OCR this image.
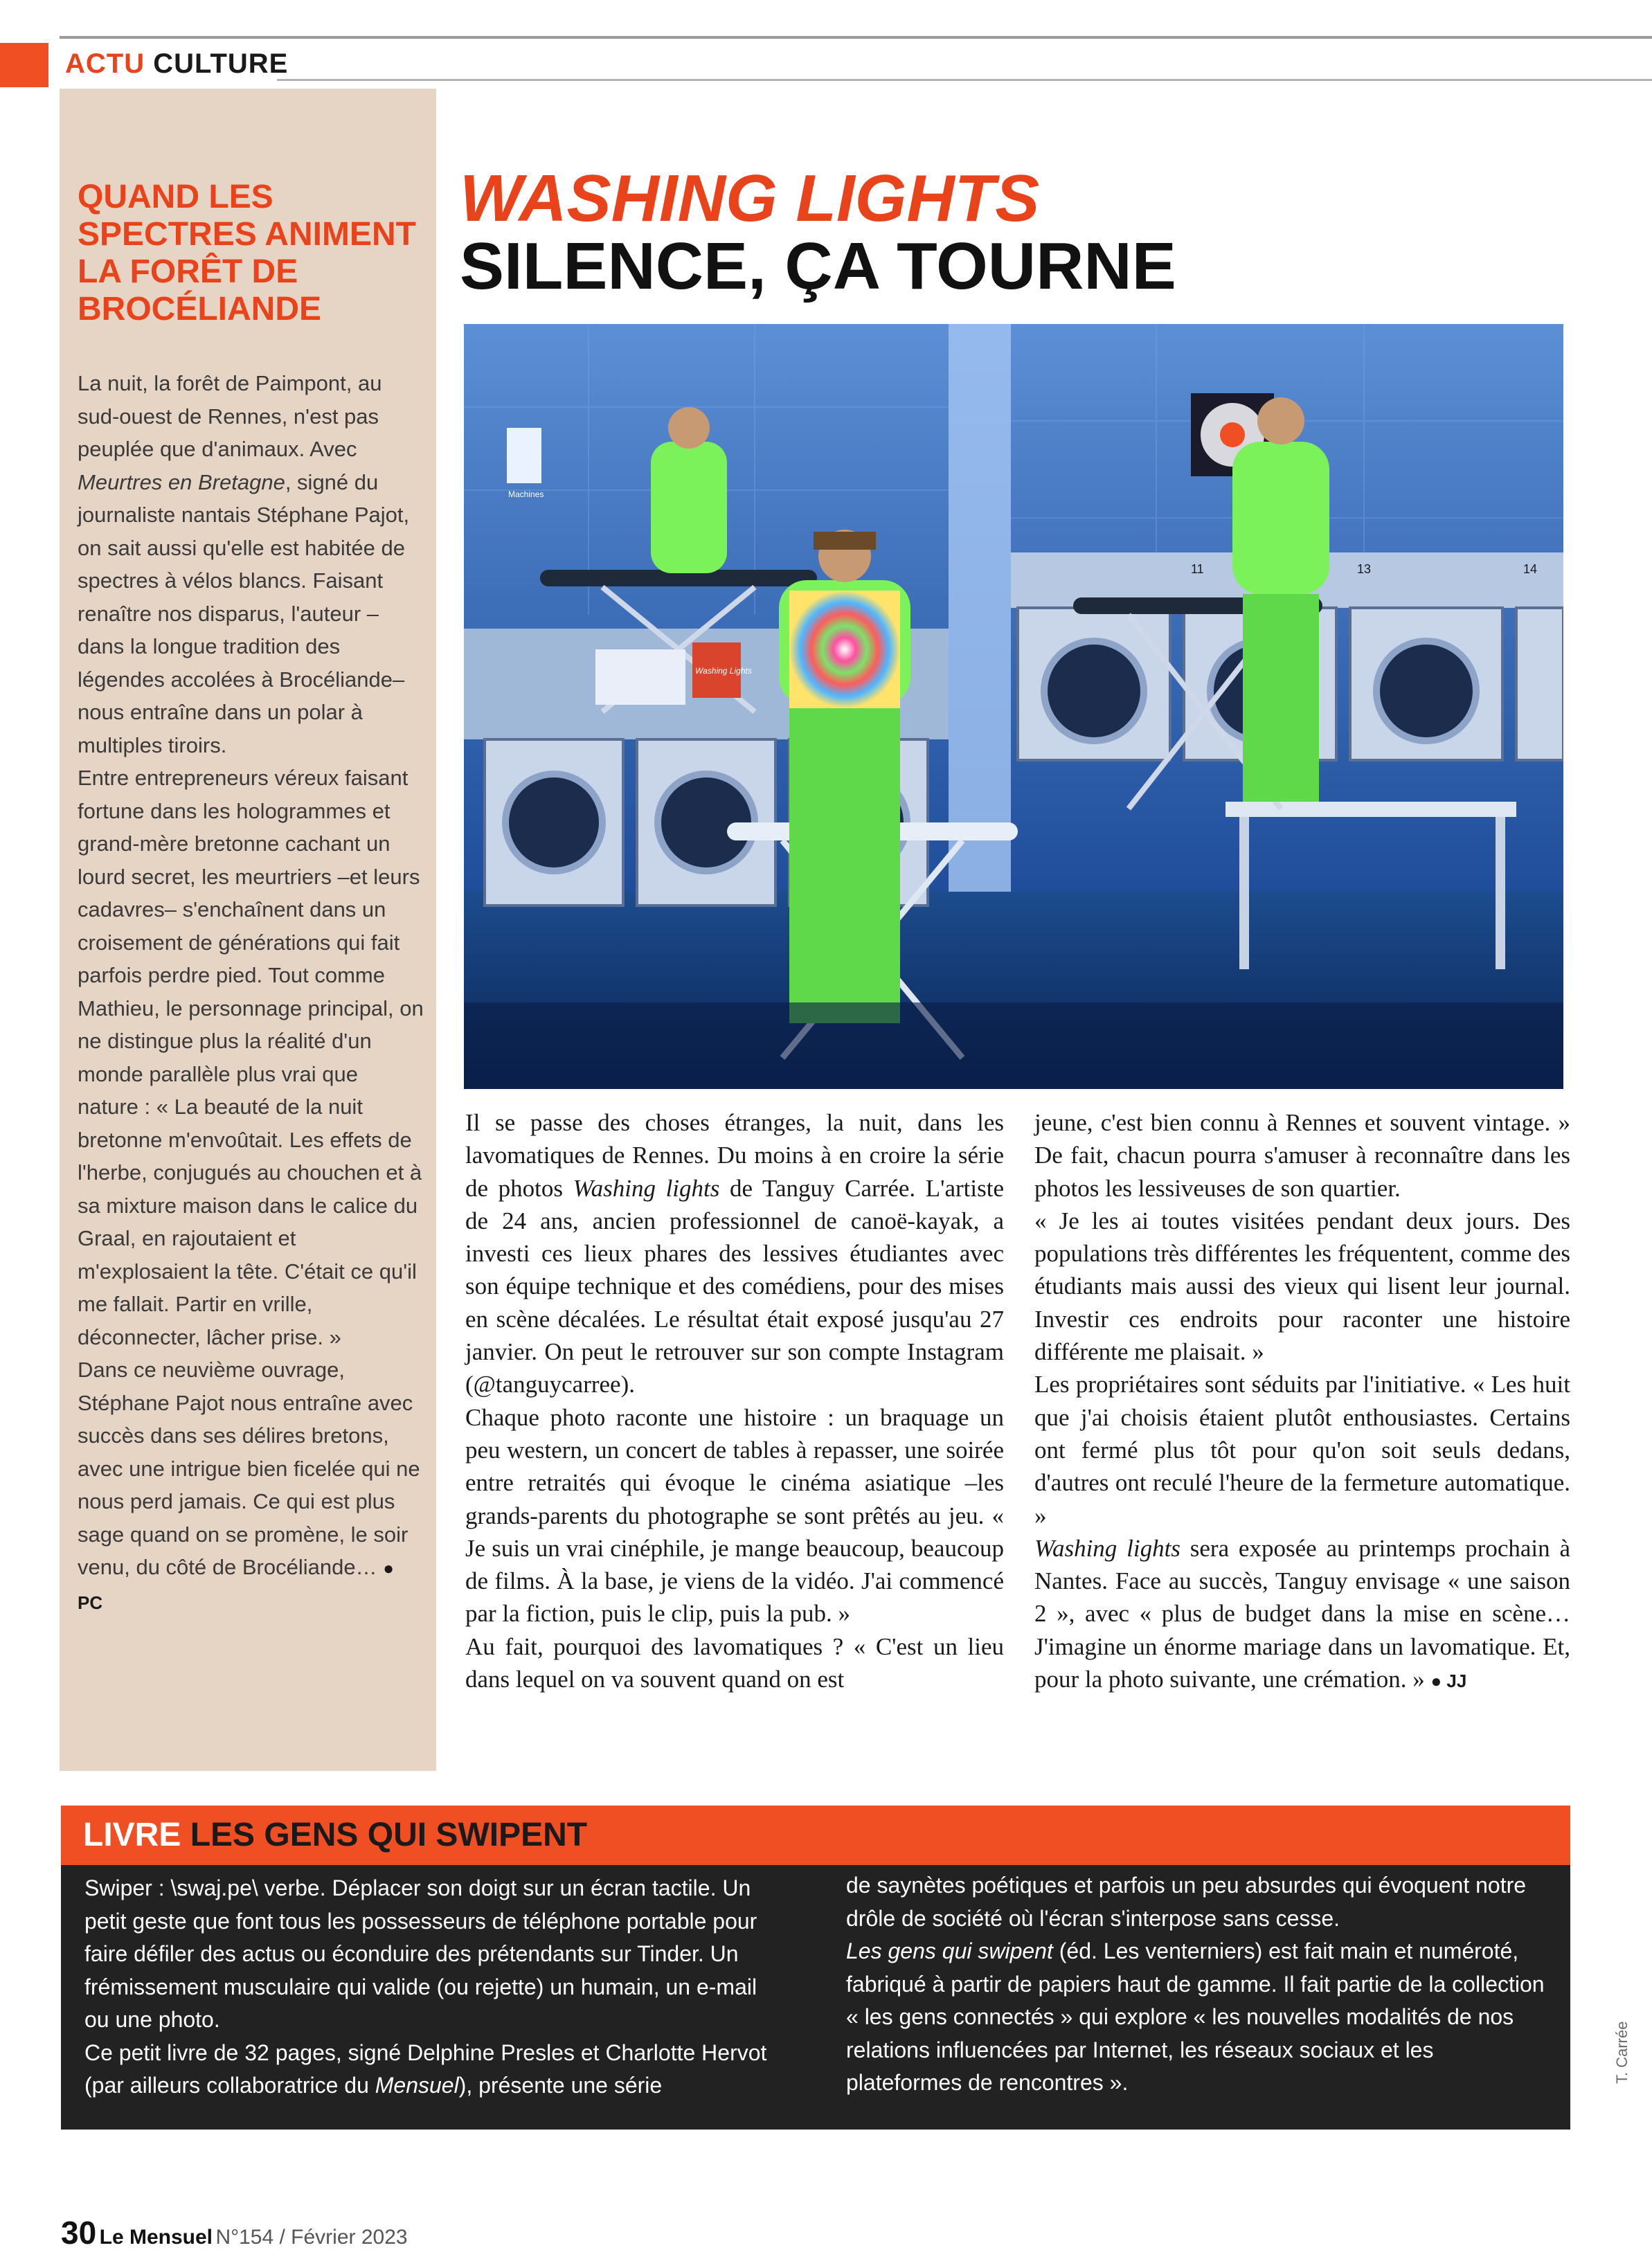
ACTU CULTURE
QUAND LES SPECTRES ANIMENT LA FORÊT DE BROCÉLIANDE

La nuit, la forêt de Paimpont, au sud-ouest de Rennes, n'est pas peuplée que d'animaux. Avec Meurtres en Bretagne, signé du journaliste nantais Stéphane Pajot, on sait aussi qu'elle est habitée de spectres à vélos blancs. Faisant renaître nos disparus, l'auteur –dans la longue tradition des légendes accolées à Brocéliande– nous entraîne dans un polar à multiples tiroirs.

Entre entrepreneurs véreux faisant fortune dans les hologrammes et grand-mère bretonne cachant un lourd secret, les meurtriers –et leurs cadavres– s'enchaînent dans un croisement de générations qui fait parfois perdre pied. Tout comme Mathieu, le personnage principal, on ne distingue plus la réalité d'un monde parallèle plus vrai que nature : « La beauté de la nuit bretonne m'envoûtait. Les effets de l'herbe, conjugués au chouchen et à sa mixture maison dans le calice du Graal, en rajoutaient et m'explosaient la tête. C'était ce qu'il me fallait. Partir en vrille, déconnecter, lâcher prise. »

Dans ce neuvième ouvrage, Stéphane Pajot nous entraîne avec succès dans ses délires bretons, avec une intrigue bien ficelée qui ne nous perd jamais. Ce qui est plus sage quand on se promène, le soir venu, du côté de Brocéliande… ● PC

WASHING LIGHTS
SILENCE, ÇA TOURNE
Machines
11	13	14
Washing Lights

Il se passe des choses étranges, la nuit, dans les lavomatiques de Rennes. Du moins à en croire la série de photos Washing lights de Tanguy Carrée. L'artiste de 24 ans, ancien professionnel de canoë-kayak, a investi ces lieux phares des lessives étudiantes avec son équipe technique et des comédiens, pour des mises en scène décalées. Le résultat était exposé jusqu'au 27 janvier. On peut le retrouver sur son compte Instagram (@tanguycarree).

Chaque photo raconte une histoire : un braquage un peu western, un concert de tables à repasser, une soirée entre retraités qui évoque le cinéma asiatique –les grands-parents du photographe se sont prêtés au jeu. « Je suis un vrai cinéphile, je mange beaucoup, beaucoup de films. À la base, je viens de la vidéo. J'ai commencé par la fiction, puis le clip, puis la pub. »

Au fait, pourquoi des lavomatiques ? « C'est un lieu dans lequel on va souvent quand on est

jeune, c'est bien connu à Rennes et souvent vintage. » De fait, chacun pourra s'amuser à reconnaître dans les photos les lessiveuses de son quartier.

« Je les ai toutes visitées pendant deux jours. Des populations très différentes les fréquentent, comme des étudiants mais aussi des vieux qui lisent leur journal. Investir ces endroits pour raconter une histoire différente me plaisait. »

Les propriétaires sont séduits par l'initiative. « Les huit que j'ai choisis étaient plutôt enthousiastes. Certains ont fermé plus tôt pour qu'on soit seuls dedans, d'autres ont reculé l'heure de la fermeture automatique. »

Washing lights sera exposée au printemps prochain à Nantes. Face au succès, Tanguy envisage « une saison 2 », avec « plus de budget dans la mise en scène… J'imagine un énorme mariage dans un lavomatique. Et, pour la photo suivante, une crémation. » ● JJ

LIVRE LES GENS QUI SWIPENT

Swiper : \swaj.pe\ verbe. Déplacer son doigt sur un écran tactile. Un petit geste que font tous les possesseurs de téléphone portable pour faire défiler des actus ou éconduire des prétendants sur Tinder. Un frémissement musculaire qui valide (ou rejette) un humain, un e-mail ou une photo.

Ce petit livre de 32 pages, signé Delphine Presles et Charlotte Hervot (par ailleurs collaboratrice du Mensuel), présente une série

de saynètes poétiques et parfois un peu absurdes qui évoquent notre drôle de société où l'écran s'interpose sans cesse.

Les gens qui swipent (éd. Les venterniers) est fait main et numéroté, fabriqué à partir de papiers haut de gamme. Il fait partie de la collection « les gens connectés » qui explore « les nouvelles modalités de nos relations influencées par Internet, les réseaux sociaux et les plateformes de rencontres ».	T. Carrée
30 Le Mensuel N°154 / Février 2023
